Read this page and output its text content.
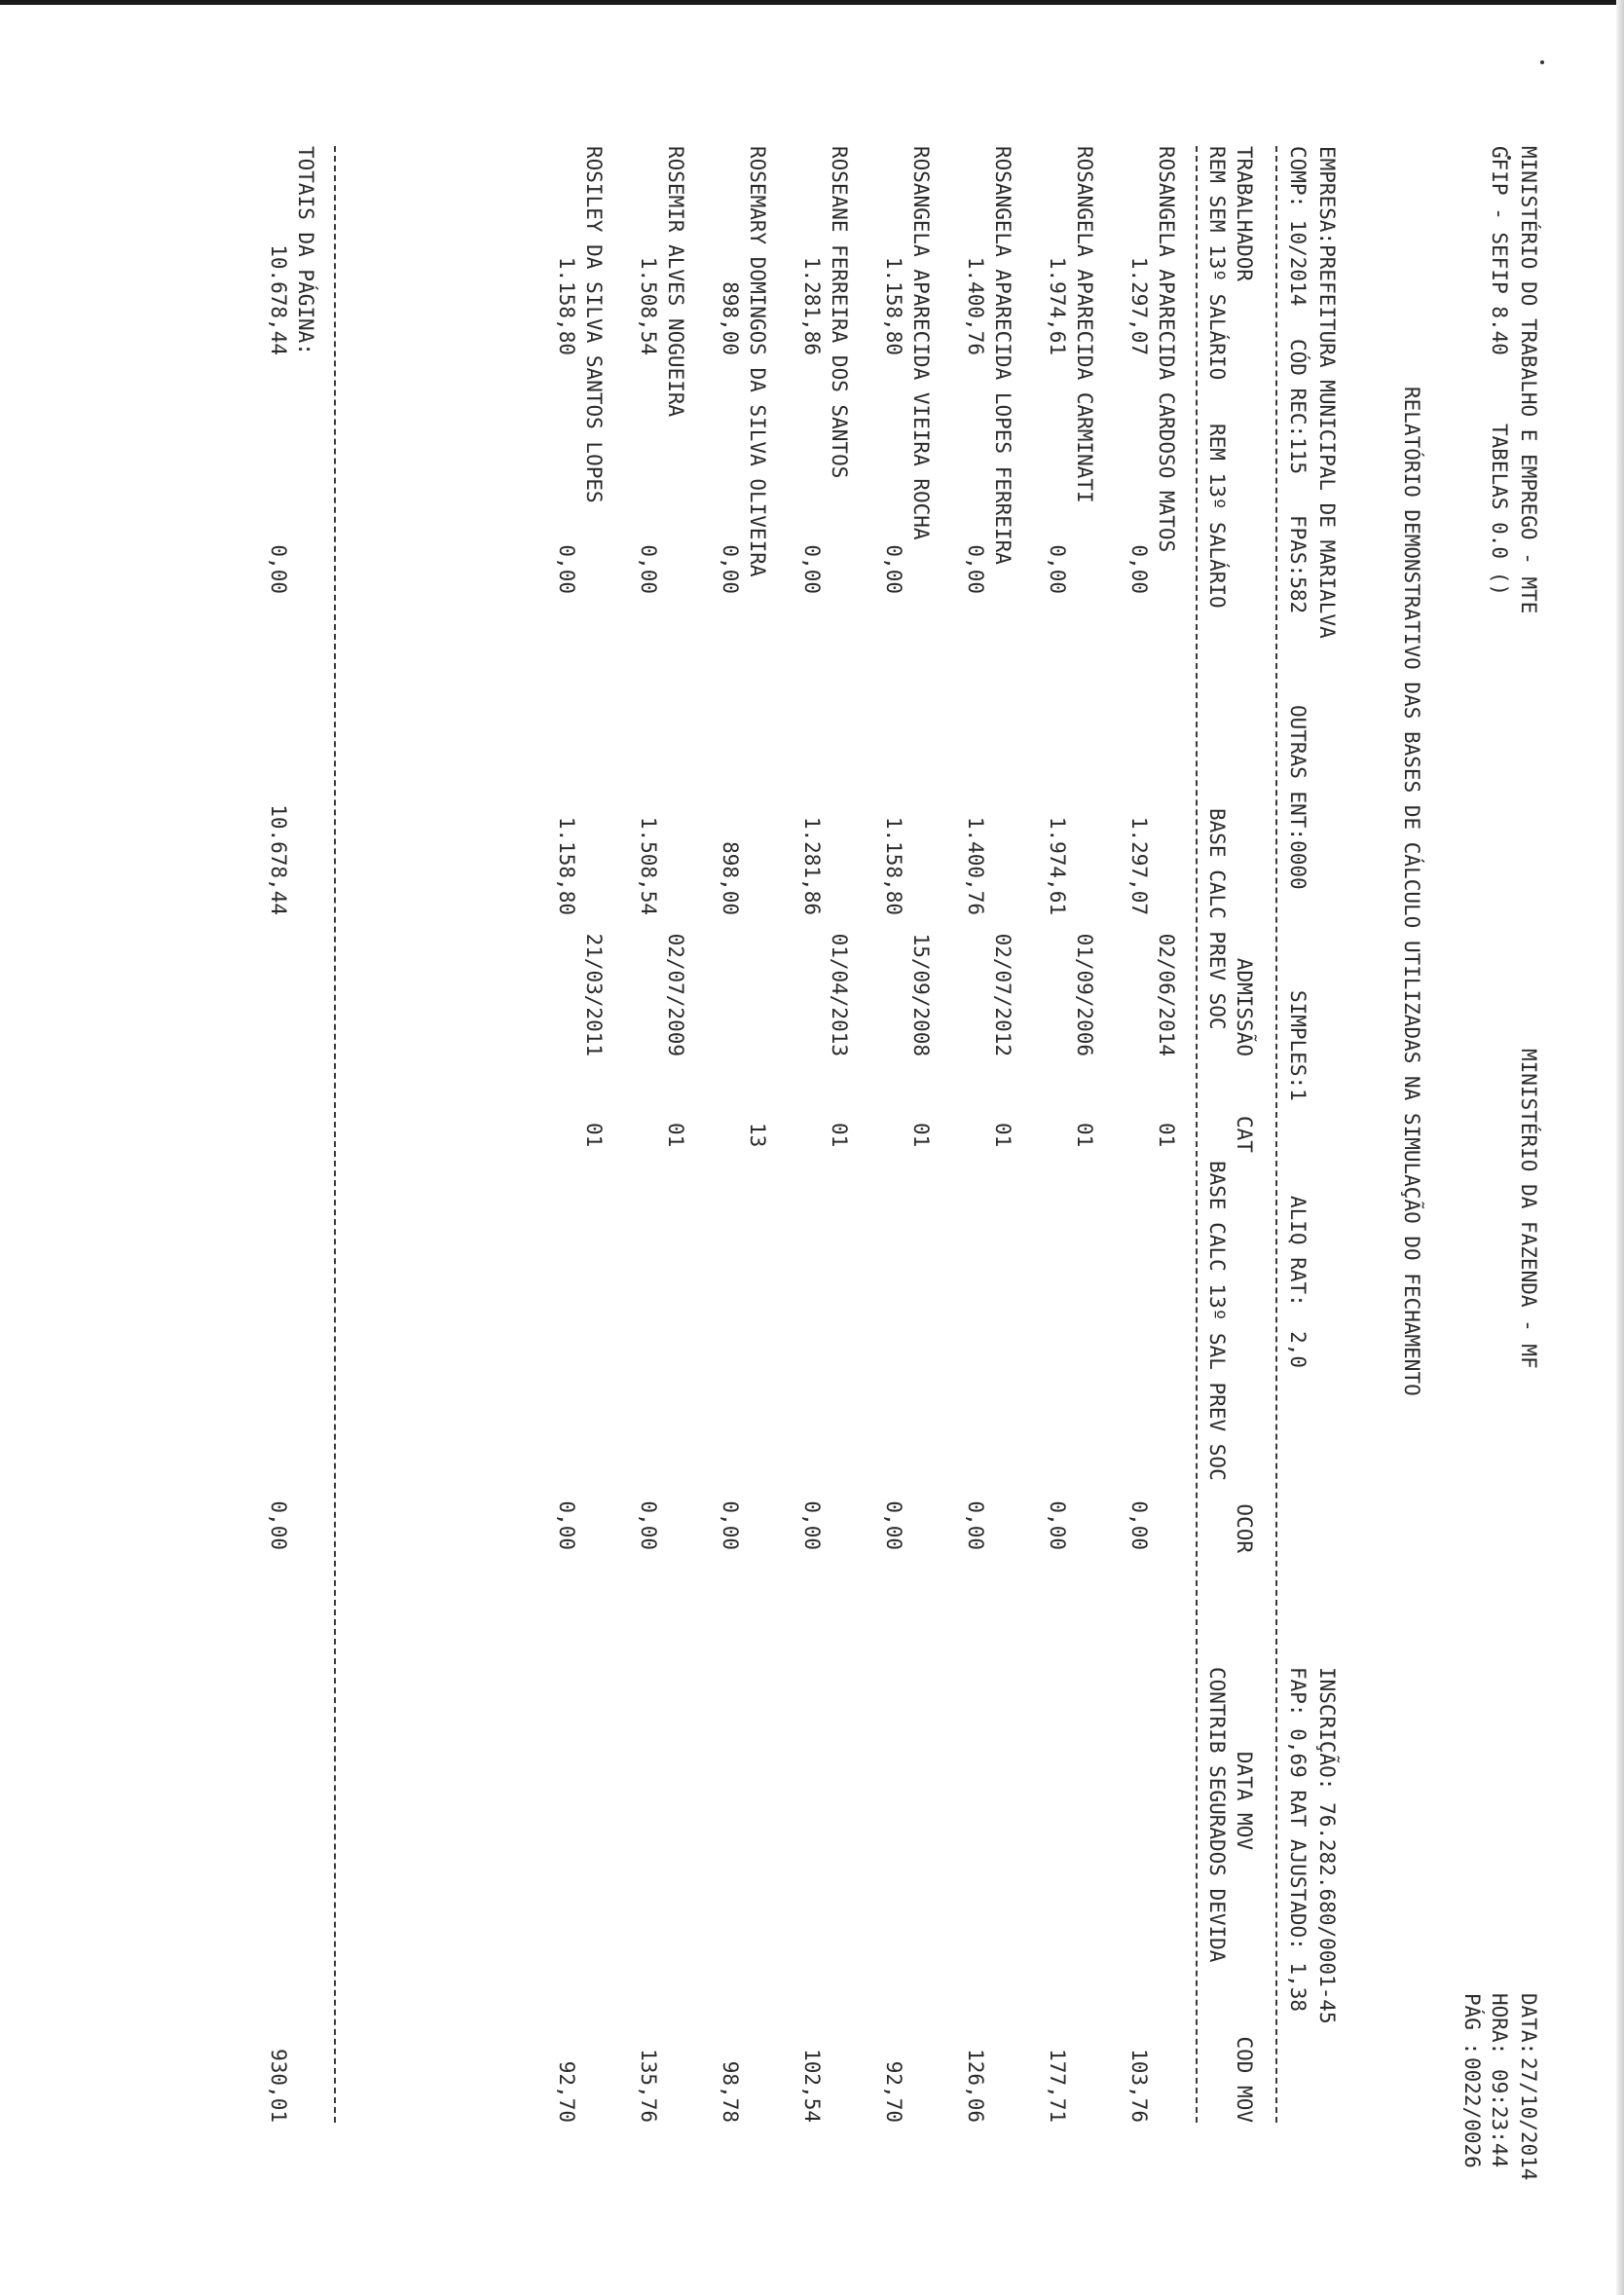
MINISTÉRIO DO TRABALHO E EMPREGO - MTE
MINISTÉRIO DA FAZENDA - MF
DATA:
27/10/2014
GFIP - SEFIP 8.40
TABELAS 0.0 ()
HORA:
09:23:44
PÁG :
0022/0026
RELATÓRIO DEMONSTRATIVO DAS BASES DE CÁLCULO UTILIZADAS NA SIMULAÇÃO DO FECHAMENTO
EMPRESA:PREFEITURA MUNICIPAL DE MARIALVA
INSCRIÇÃO: 76.282.680/0001-45
COMP: 10/2014
CÓD REC:115
FPAS:582
OUTRAS ENT:0000
SIMPLES:1
ALIQ RAT:  2,0
FAP: 0,69 RAT AJUSTADO: 1,38
TRABALHADOR
ADMISSÃO
CAT
OCOR
DATA MOV
COD MOV
REM SEM 13º SALÁRIO
REM 13º SALÁRIO
BASE CALC PREV SOC
BASE CALC 13º SAL PREV SOC
CONTRIB SEGURADOS DEVIDA
ROSANGELA APARECIDA CARDOSO MATOS
02/06/2014
01
1.297,07
0,00
1.297,07
0,00
103,76
ROSANGELA APARECIDA CARMINATI
01/09/2006
01
1.974,61
0,00
1.974,61
0,00
177,71
ROSANGELA APARECIDA LOPES FERREIRA
02/07/2012
01
1.400,76
0,00
1.400,76
0,00
126,06
ROSANGELA APARECIDA VIEIRA ROCHA
15/09/2008
01
1.158,80
0,00
1.158,80
0,00
92,70
ROSEANE FERREIRA DOS SANTOS
01/04/2013
01
1.281,86
0,00
1.281,86
0,00
102,54
ROSEMARY DOMINGOS DA SILVA OLIVEIRA
13
898,00
0,00
898,00
0,00
98,78
ROSEMIR ALVES NOGUEIRA
02/07/2009
01
1.508,54
0,00
1.508,54
0,00
135,76
ROSILEY DA SILVA SANTOS LOPES
21/03/2011
01
1.158,80
0,00
1.158,80
0,00
92,70
TOTAIS DA PÁGINA:
10.678,44
0,00
10.678,44
0,00
930,01
